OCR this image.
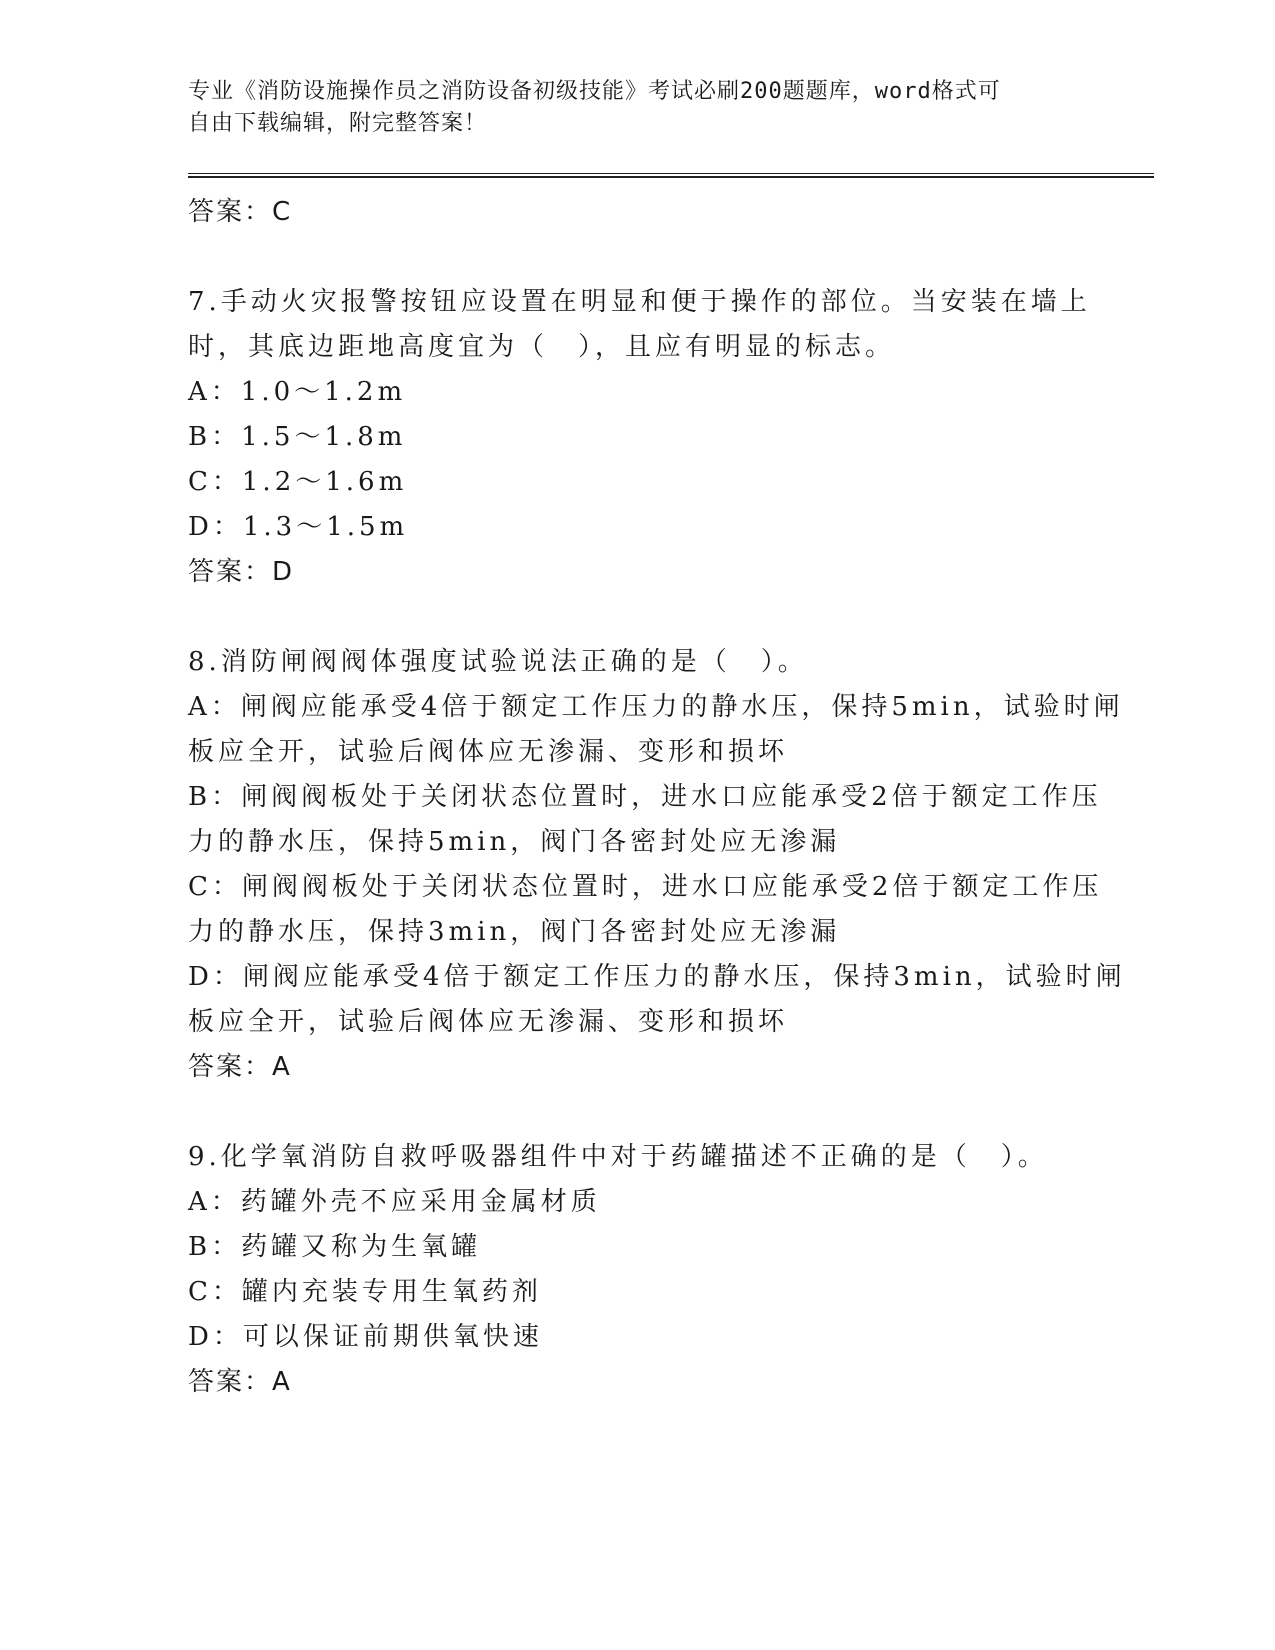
专业《消防设施操作员之消防设备初级技能》考试必刷200题题库，word格式可
自由下载编辑，附完整答案！
答案：C
7.手动火灾报警按钮应设置在明显和便于操作的部位。当安装在墙上
时，其底边距地高度宜为（　），且应有明显的标志。
A：1.0～1.2m
B：1.5～1.8m
C：1.2～1.6m
D：1.3～1.5m
答案：D
8.消防闸阀阀体强度试验说法正确的是（　）。
A：闸阀应能承受4倍于额定工作压力的静水压，保持5min，试验时闸
板应全开，试验后阀体应无渗漏、变形和损坏
B：闸阀阀板处于关闭状态位置时，进水口应能承受2倍于额定工作压
力的静水压，保持5min，阀门各密封处应无渗漏
C：闸阀阀板处于关闭状态位置时，进水口应能承受2倍于额定工作压
力的静水压，保持3min，阀门各密封处应无渗漏
D：闸阀应能承受4倍于额定工作压力的静水压，保持3min，试验时闸
板应全开，试验后阀体应无渗漏、变形和损坏
答案：A
9.化学氧消防自救呼吸器组件中对于药罐描述不正确的是（　）。
A：药罐外壳不应采用金属材质
B：药罐又称为生氧罐
C：罐内充装专用生氧药剂
D：可以保证前期供氧快速
答案：A
